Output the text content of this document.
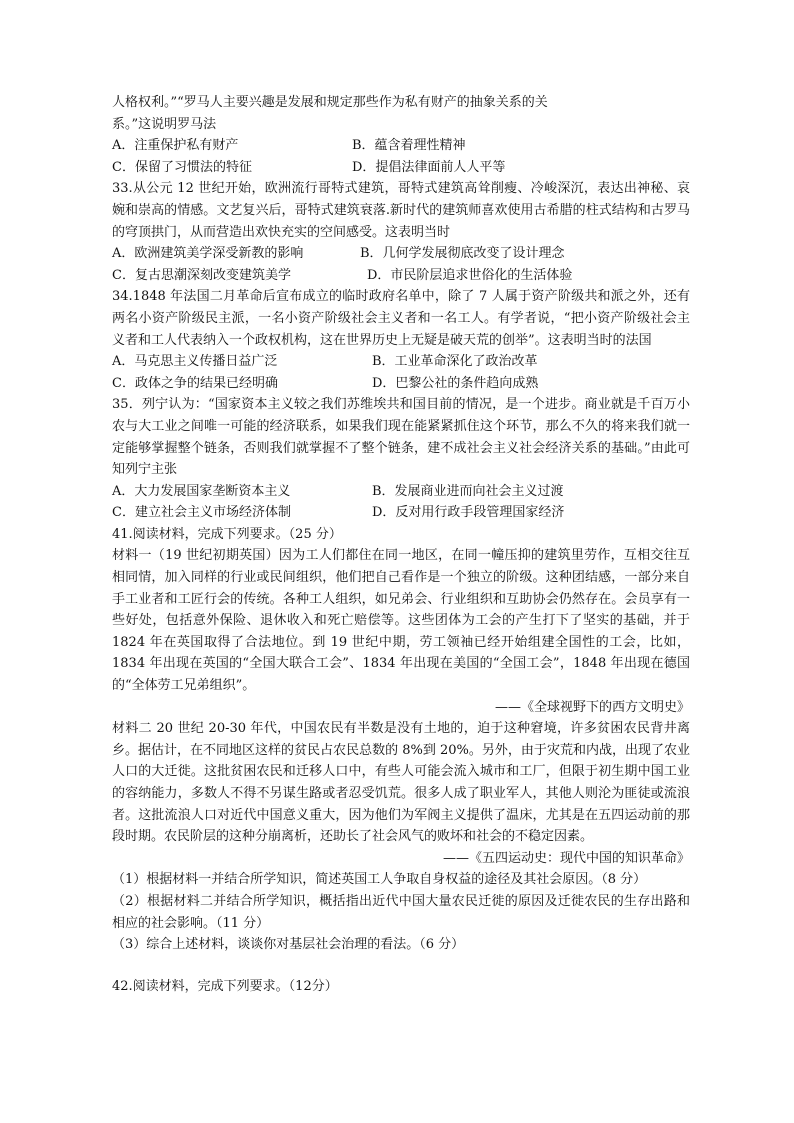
人格权利。”“罗马人主要兴趣是发展和规定那些作为私有财产的抽象关系的关
系。”这说明罗马法
A．注重保护私有财产	B．蕴含着理性精神
C．保留了习惯法的特征	D．提倡法律面前人人平等
33.从公元 12 世纪开始，欧洲流行哥特式建筑，哥特式建筑高耸削瘦、冷峻深沉，表达出神秘、哀婉和崇高的情感。文艺复兴后，哥特式建筑衰落.新时代的建筑师喜欢使用古希腊的柱式结构和古罗马的穹顶拱门，从而营造出欢快充实的空间感受。这表明当时
A．欧洲建筑美学深受新教的影响	B．几何学发展彻底改变了设计理念
C．复古思潮深刻改变建筑美学	D．市民阶层追求世俗化的生活体验
34.1848 年法国二月革命后宣布成立的临时政府名单中，除了 7 人属于资产阶级共和派之外，还有两名小资产阶级民主派，一名小资产阶级社会主义者和一名工人。有学者说，“把小资产阶级社会主义者和工人代表纳入一个政权机构，这在世界历史上无疑是破天荒的创举”。这表明当时的法国
A．马克思主义传播日益广泛	B．工业革命深化了政治改革
C．政体之争的结果已经明确	D．巴黎公社的条件趋向成熟
35．列宁认为：“国家资本主义较之我们苏维埃共和国目前的情况，是一个进步。商业就是千百万小农与大工业之间唯一可能的经济联系，如果我们现在能紧紧抓住这个环节，那么不久的将来我们就一定能够掌握整个链条，否则我们就掌握不了整个链条，建不成社会主义社会经济关系的基础。”由此可知列宁主张
A．大力发展国家垄断资本主义	B．发展商业进而向社会主义过渡
C．建立社会主义市场经济体制	D．反对用行政手段管理国家经济
41.阅读材料，完成下列要求。（25 分）
材料一（19 世纪初期英国）因为工人们都住在同一地区，在同一幢压抑的建筑里劳作，互相交往互相同情，加入同样的行业或民间组织，他们把自己看作是一个独立的阶级。这种团结感，一部分来自手工业者和工匠行会的传统。各种工人组织，如兄弟会、行业组织和互助协会仍然存在。会员享有一些好处，包括意外保险、退休收入和死亡赔偿等。这些团体为工会的产生打下了坚实的基础，并于 1824 年在英国取得了合法地位。到 19 世纪中期，劳工领袖已经开始组建全国性的工会，比如，1834 年出现在英国的“全国大联合工会”、1834 年出现在美国的“全国工会”，1848 年出现在德国的“全体劳工兄弟组织”。
——《全球视野下的西方文明史》
材料二 20 世纪 20-30 年代，中国农民有半数是没有土地的，迫于这种窘境，许多贫困农民背井离乡。据估计，在不同地区这样的贫民占农民总数的 8%到 20%。另外，由于灾荒和内战，出现了农业人口的大迁徙。这批贫困农民和迁移人口中，有些人可能会流入城市和工厂，但限于初生期中国工业的容纳能力，多数人不得不另谋生路或者忍受饥荒。很多人成了职业军人，其他人则沦为匪徒或流浪者。这批流浪人口对近代中国意义重大，因为他们为军阀主义提供了温床，尤其是在五四运动前的那段时期。农民阶层的这种分崩离析，还助长了社会风气的败坏和社会的不稳定因素。
——《五四运动史：现代中国的知识革命》
（1）根据材料一并结合所学知识，简述英国工人争取自身权益的途径及其社会原因。（8 分）
（2）根据材料二并结合所学知识，概括指出近代中国大量农民迁徙的原因及迁徙农民的生存出路和相应的社会影响。（11 分）
（3）综合上述材料，谈谈你对基层社会治理的看法。（6 分）
42.阅读材料，完成下列要求。（12分）
